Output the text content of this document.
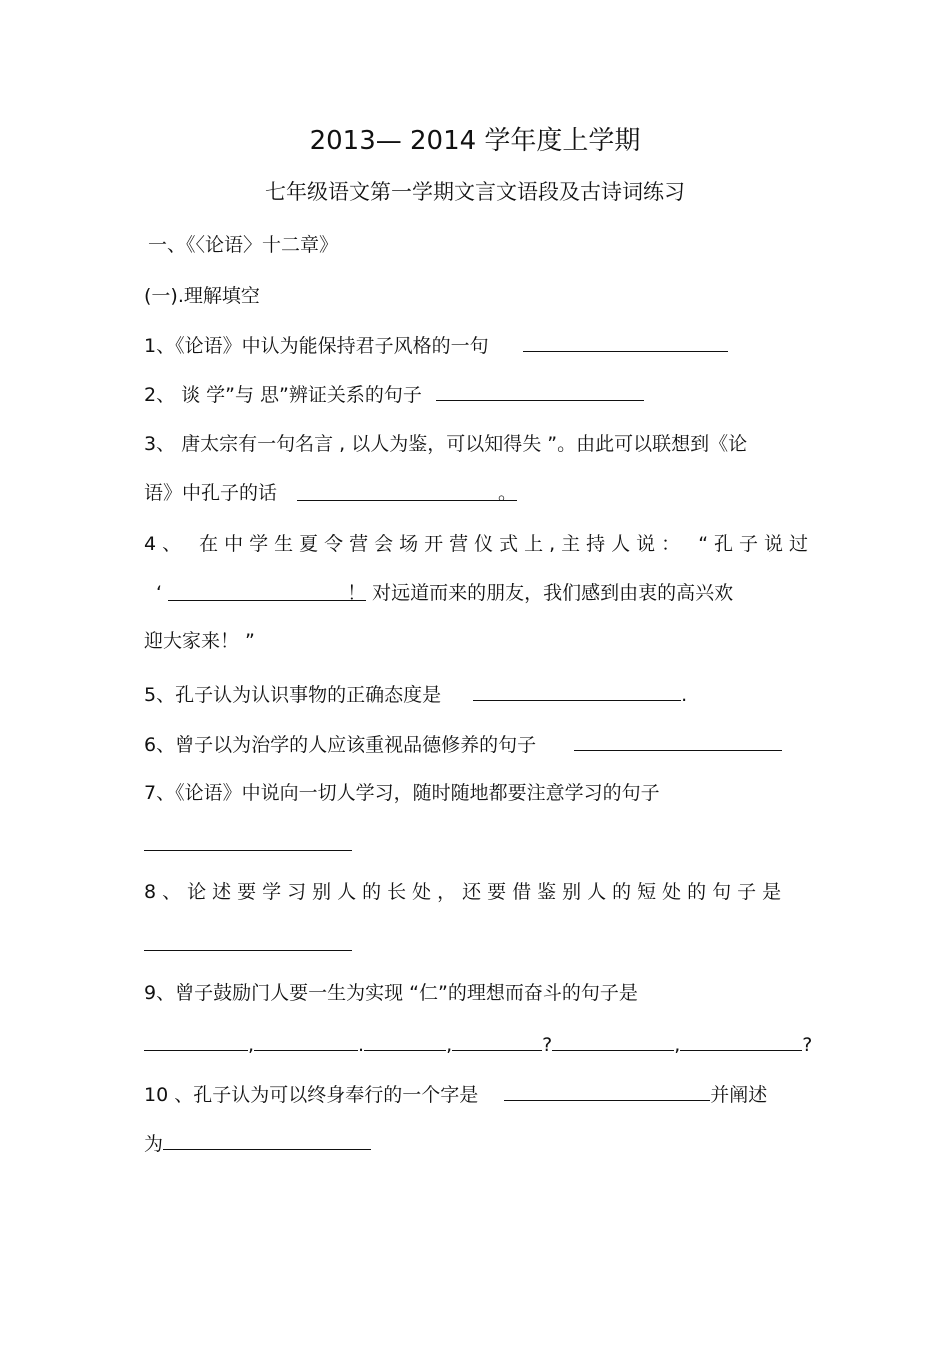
2013— 2014 学年度上学期
七年级语文第一学期文言文语段及古诗词练习
一、《〈论语〉十二章》
(一).理解填空
1、《论语》中认为能保持君子风格的一句
2、 谈 学”与 思”辨证关系的句子
3、 唐太宗有一句名言 , 以人为鉴，可以知得失 ”。由此可以联想到《论
语》中孔子的话	。
4、 在中学生夏令营会场开营仪式上,主持人说： “孔子说过
‘	！ 对远道而来的朋友，我们感到由衷的高兴欢
迎大家来！ ”
5、孔子认为认识事物的正确态度是	.
6、曾子以为治学的人应该重视品德修养的句子
7、《论语》中说向一切人学习，随时随地都要注意学习的句子
8、论述要学习别人的长处，还要借鉴别人的短处的句子是
9、曾子鼓励门人要一生为实现 “仁”的理想而奋斗的句子是
,	.	,	?	,	?
10 、孔子认为可以终身奉行的一个字是	并阐述
为
